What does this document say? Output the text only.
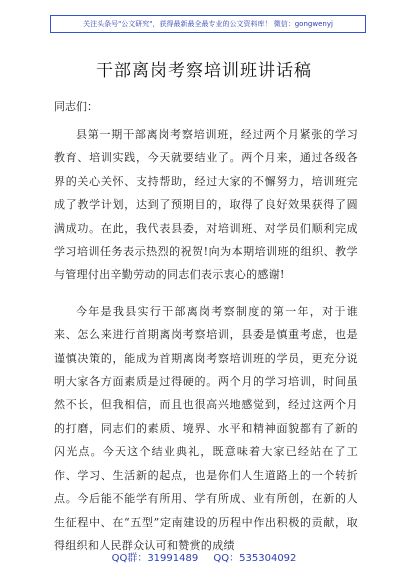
关注头条号"公文研究"，获得最新最全最专业的公文资料库！ 微信：gongwenyj
干部离岗考察培训班讲话稿
同志们：

县第一期干部离岗考察培训班，经过两个月紧张的学习教育、培训实践，今天就要结业了。两个月来，通过各级各界的关心关怀、支持帮助，经过大家的不懈努力，培训班完成了教学计划，达到了预期目的，取得了良好效果获得了圆满成功。在此，我代表县委，对培训班、对学员们顺利完成学习培训任务表示热烈的祝贺!向为本期培训班的组织、教学与管理付出辛勤劳动的同志们表示衷心的感谢!

今年是我县实行干部离岗考察制度的第一年，对于谁来、怎么来进行首期离岗考察培训，县委是慎重考虑，也是谨慎决策的，能成为首期离岗考察培训班的学员，更充分说明大家各方面素质是过得硬的。两个月的学习培训，时间虽然不长，但我相信，而且也很高兴地感觉到，经过这两个月的打磨，同志们的素质、境界、水平和精神面貌都有了新的闪光点。今天这个结业典礼，既意味着大家已经站在了工作、学习、生活新的起点，也是你们人生道路上的一个转折点。今后能不能学有所用、学有所成、业有所创，在新的人生征程中、在“五型”定南建设的历程中作出积极的贡献，取得组织和人民群众认可和赞赏的成绩

QQ群：31991489 QQ：535304092
